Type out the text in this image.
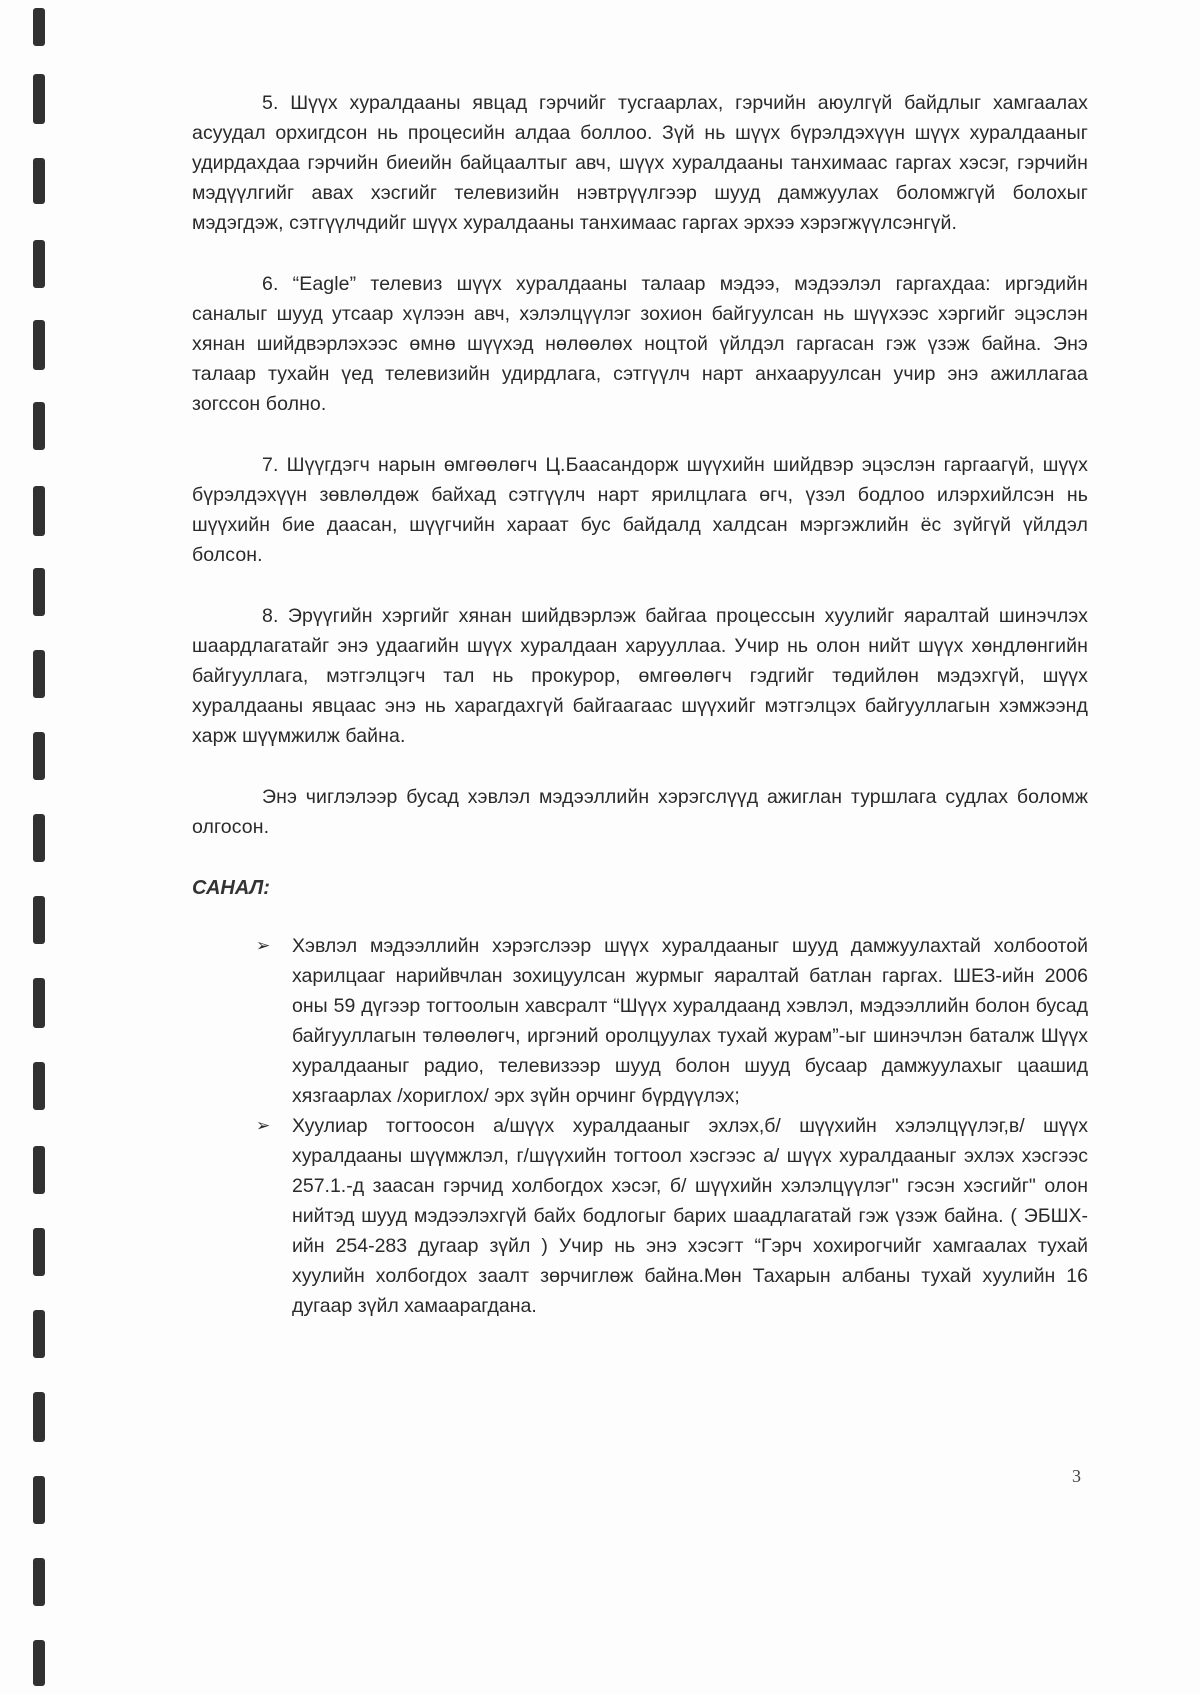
5. Шүүх хуралдааны явцад гэрчийг тусгаарлах, гэрчийн аюулгүй байдлыг хамгаалах асуудал орхигдсон нь процесийн алдаа боллоо. Зүй нь шүүх бүрэлдэхүүн шүүх хуралдааныг удирдахдаа гэрчийн биеийн байцаалтыг авч, шүүх хуралдааны танхимаас гаргах хэсэг, гэрчийн мэдүүлгийг авах хэсгийг телевизийн нэвтрүүлгээр шууд дамжуулах боломжгүй болохыг мэдэгдэж, сэтгүүлчдийг шүүх хуралдааны танхимаас гаргах эрхээ хэрэгжүүлсэнгүй.

6. “Eagle” телевиз шүүх хуралдааны талаар мэдээ, мэдээлэл гаргахдаа: иргэдийн саналыг шууд утсаар хүлээн авч, хэлэлцүүлэг зохион байгуулсан нь шүүхээс хэргийг эцэслэн хянан шийдвэрлэхээс өмнө шүүхэд нөлөөлөх ноцтой үйлдэл гаргасан гэж үзэж байна. Энэ талаар тухайн үед телевизийн удирдлага, сэтгүүлч нарт анхааруулсан учир энэ ажиллагаа зогссон болно.

7. Шүүгдэгч нарын өмгөөлөгч Ц.Баасандорж шүүхийн шийдвэр эцэслэн гаргаагүй, шүүх бүрэлдэхүүн зөвлөлдөж байхад сэтгүүлч нарт ярилцлага өгч, үзэл бодлоо илэрхийлсэн нь шүүхийн бие даасан, шүүгчийн хараат бус байдалд халдсан мэргэжлийн ёс зүйгүй үйлдэл болсон.

8. Эрүүгийн хэргийг хянан шийдвэрлэж байгаа процессын хуулийг яаралтай шинэчлэх шаардлагатайг энэ удаагийн шүүх хуралдаан харууллаа. Учир нь олон нийт шүүх хөндлөнгийн байгууллага, мэтгэлцэгч тал нь прокурор, өмгөөлөгч гэдгийг төдийлөн мэдэхгүй, шүүх хуралдааны явцаас энэ нь харагдахгүй байгаагаас шүүхийг мэтгэлцэх байгууллагын хэмжээнд харж шүүмжилж байна.

Энэ чиглэлээр бусад хэвлэл мэдээллийн хэрэгслүүд ажиглан туршлага судлах боломж олгосон.

САНАЛ:
➢	Хэвлэл мэдээллийн хэрэгслээр шүүх хуралдааныг шууд дамжуулахтай холбоотой харилцааг нарийвчлан зохицуулсан журмыг яаралтай батлан гаргах. ШЕЗ-ийн 2006 оны 59 дүгээр тогтоолын хавсралт “Шүүх хуралдаанд хэвлэл, мэдээллийн болон бусад байгууллагын төлөөлөгч, иргэний оролцуулах тухай журам”-ыг шинэчлэн баталж Шүүх хуралдааныг радио, телевизээр шууд болон шууд бусаар дамжуулахыг цаашид хязгаарлах /хориглох/ эрх зүйн орчинг бүрдүүлэх;
➢	Хуулиар тогтоосон а/шүүх хуралдааныг эхлэх,б/ шүүхийн хэлэлцүүлэг,в/ шүүх хуралдааны шүүмжлэл, г/шүүхийн тогтоол хэсгээс а/ шүүх хуралдааныг эхлэх хэсгээс 257.1.-д заасан гэрчид холбогдох хэсэг, б/ шүүхийн хэлэлцүүлэг" гэсэн хэсгийг" олон нийтэд шууд мэдээлэхгүй байх бодлогыг барих шаадлагатай гэж үзэж байна. ( ЭБШХ-ийн 254-283 дугаар зүйл ) Учир нь энэ хэсэгт “Гэрч хохирогчийг хамгаалах тухай хуулийн холбогдох заалт зөрчиглөж байна.Мөн Тахарын албаны тухай хуулийн 16 дугаар зүйл хамаарагдана.
3
